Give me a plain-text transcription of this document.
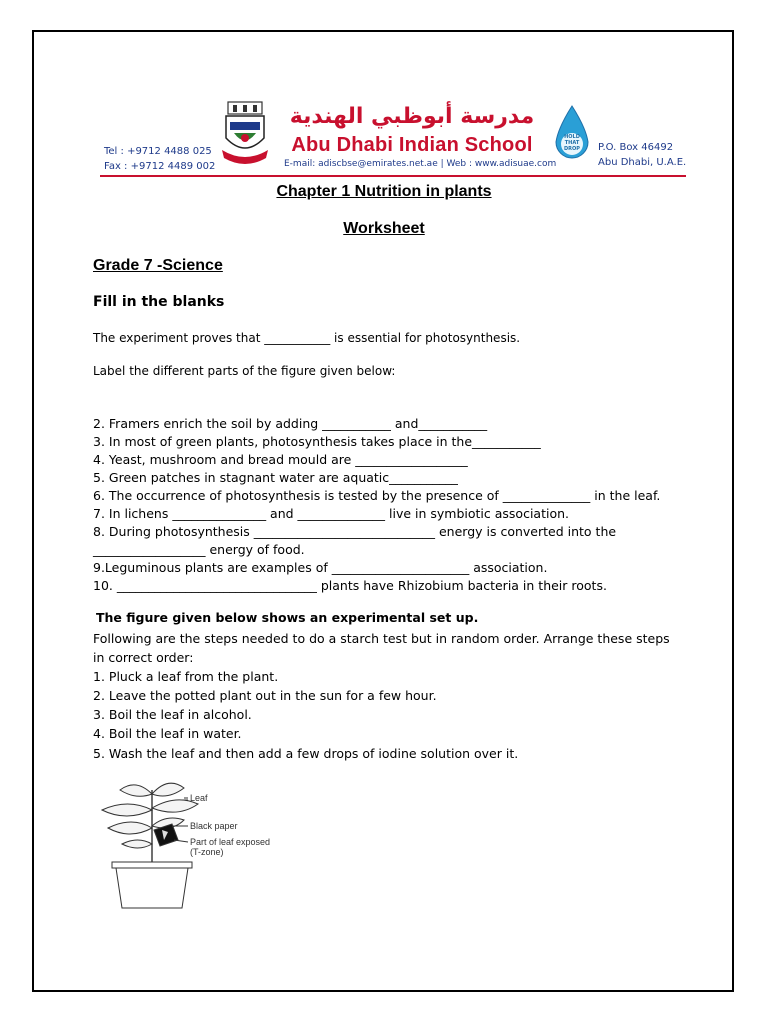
Tel : +9712 4488 025
Fax : +9712 4489 002
مدرسة أبوظبي الهندية
Abu Dhabi Indian School
E-mail: adiscbse@emirates.net.ae | Web : www.adisuae.com
HOLD THAT DROP	P.O. Box 46492
Abu Dhabi, U.A.E.
Chapter 1 Nutrition in plants
Worksheet
Grade 7 -Science
Fill in the blanks
The experiment proves that ___________ is essential for photosynthesis.
Label the different parts of the figure given below:
2. Framers enrich the soil by adding ___________ and___________
3. In most of green plants, photosynthesis takes place in the___________
4. Yeast, mushroom and bread mould are __________________
5. Green patches in stagnant water are aquatic___________
6. The occurrence of photosynthesis is tested by the presence of ______________ in the leaf.
7. In lichens _______________ and ______________ live in symbiotic association.
8. During photosynthesis _____________________________ energy is converted into the
__________________ energy of food.
9.Leguminous plants are examples of ______________________ association.
10. ________________________________ plants have Rhizobium bacteria in their roots.
The figure given below shows an experimental set up.
Following are the steps needed to do a starch test but in random order. Arrange these steps in correct order:
1. Pluck a leaf from the plant.
2. Leave the potted plant out in the sun for a few hour.
3. Boil the leaf in alcohol.
4. Boil the leaf in water.
5. Wash the leaf and then add a few drops of iodine solution over it.
Leaf
Black paper
Part of leaf exposed
(T-zone)
